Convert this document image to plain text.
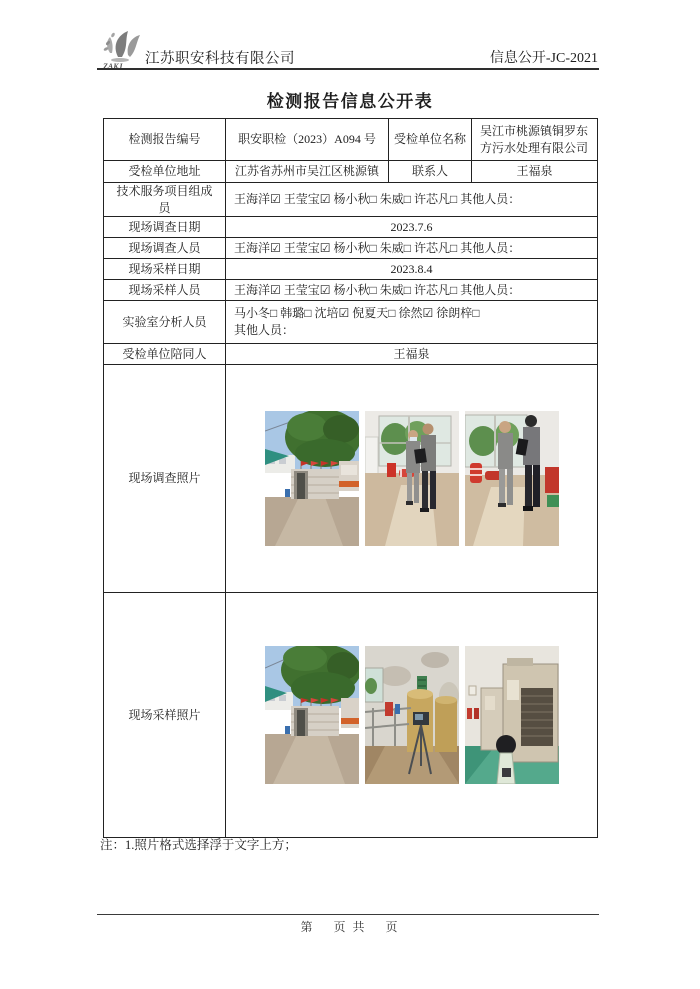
ZAKJ 江苏职安科技有限公司	信息公开-JC-2021
检测报告信息公开表
检测报告编号	职安职检（2023）A094 号	受检单位名称	吴江市桃源镇铜罗东方污水处理有限公司
受检单位地址	江苏省苏州市吴江区桃源镇	联系人	王福泉
技术服务项目组成员	王海洋☑ 王莹宝☑ 杨小秋□ 朱威□ 许芯凡□ 其他人员：		
现场调查日期	2023.7.6		
现场调查人员	王海洋☑ 王莹宝☑ 杨小秋□ 朱威□ 许芯凡□ 其他人员：		
现场采样日期	2023.8.4		
现场采样人员	王海洋☑ 王莹宝☑ 杨小秋□ 朱威□ 许芯凡□ 其他人员：		
实验室分析人员	马小冬□ 韩璐□ 沈培☑ 倪夏天□ 徐然☑ 徐朗梓□
其他人员：		

受检单位陪同人	王福泉		
现场调查照片	

现场采样照片	
注：1.照片格式选择浮于文字上方；
第　 页 共　 页
